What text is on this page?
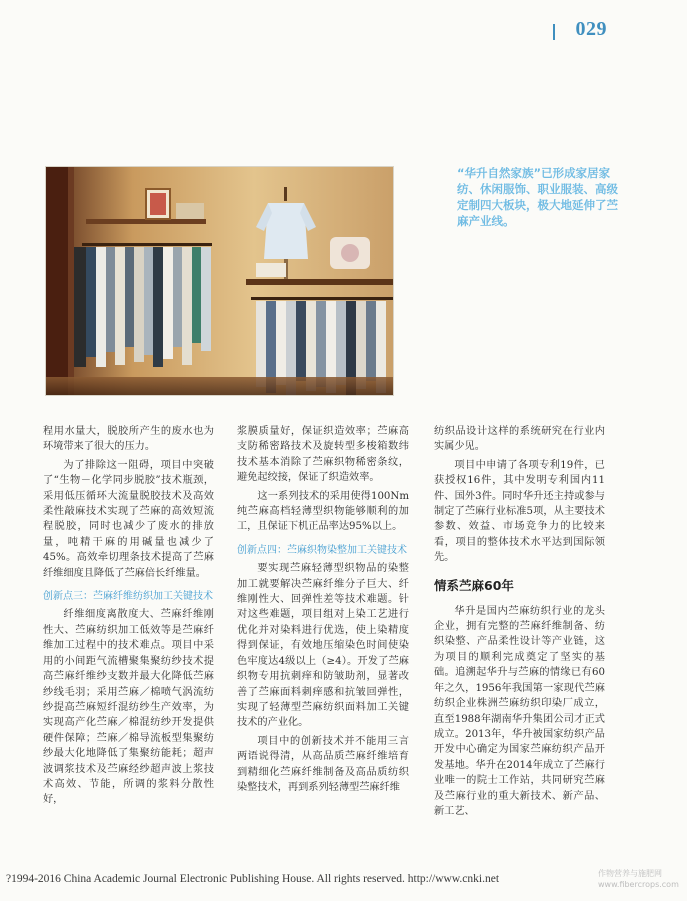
029

“华升自然家族”已形成家居家纺、休闲服饰、职业服装、高级定制四大板块，极大地延伸了苎麻产业线。

程用水量大，脱胶所产生的废水也为环境带来了很大的压力。

为了排除这一阻碍，项目中突破了“生物－化学同步脱胶”技术瓶颈，采用低压循环大流量脱胶技术及高效柔性敲麻技术实现了苎麻的高效短流程脱胶，同时也减少了废水的排放量，吨精干麻的用碱量也减少了45%。高效牵切理条技术提高了苎麻纤维细度且降低了苎麻倍长纤维量。

创新点三：苎麻纤维纺织加工关键技术

纤维细度离散度大、苎麻纤维刚性大、苎麻纺织加工低效等是苎麻纤维加工过程中的技术难点。项目中采用的小间距气流槽聚集聚纺纱技术提高苎麻纤维纱支数并最大化降低苎麻纱线毛羽；采用苎麻／棉喷气涡流纺纱提高苎麻短纤混纺纱生产效率，为实现高产化苎麻／棉混纺纱开发提供硬件保障；苎麻／棉导流板型集聚纺纱最大化地降低了集聚纺能耗；超声波调浆技术及苎麻经纱超声波上浆技术高效、节能，所调的浆料分散性好，

浆膜质量好，保证织造效率；苎麻高支防稀密路技术及旋转型多梭箱数纬技术基本消除了苎麻织物稀密条纹，避免起绞接，保证了织造效率。

这一系列技术的采用使得100Nm纯苎麻高档轻薄型织物能够顺利的加工，且保证下机正品率达95%以上。

创新点四：苎麻织物染整加工关键技术

要实现苎麻轻薄型织物品的染整加工就要解决苎麻纤维分子巨大、纤维刚性大、回弹性差等技术难题。针对这些难题，项目组对上染工艺进行优化并对染料进行优选，使上染精度得到保证，有效地压缩染色时间使染色牢度达4级以上（≥4）。开发了苎麻织物专用抗刺痒和防皱助剂，显著改善了苎麻面料刺痒感和抗皱回弹性，实现了轻薄型苎麻纺织面料加工关键技术的产业化。

项目中的创新技术并不能用三言两语说得清，从高品质苎麻纤维培育到精细化苎麻纤维制备及高品质纺织染整技术，再到系列轻薄型苎麻纤维

纺织品设计这样的系统研究在行业内实属少见。

项目中申请了各项专利19件，已获授权16件，其中发明专利国内11件、国外3件。同时华升还主持或参与制定了苎麻行业标准5项，从主要技术参数、效益、市场竞争力的比较来看，项目的整体技术水平达到国际领先。

情系苎麻60年

华升是国内苎麻纺织行业的龙头企业，拥有完整的苎麻纤维制备、纺织染整、产品柔性设计等产业链，这为项目的顺利完成奠定了坚实的基础。追溯起华升与苎麻的情缘已有60年之久，1956年我国第一家现代苎麻纺织企业株洲苎麻纺织印染厂成立，直至1988年湖南华升集团公司才正式成立。2013年，华升被国家纺织产品开发中心确定为国家苎麻纺织产品开发基地。华升在2014年成立了苎麻行业唯一的院士工作站，共同研究苎麻及苎麻行业的重大新技术、新产品、新工艺、

?1994-2016 China Academic Journal Electronic Publishing House. All rights reserved. http://www.cnki.net	作物营养与施肥网 www.fibercrops.com
